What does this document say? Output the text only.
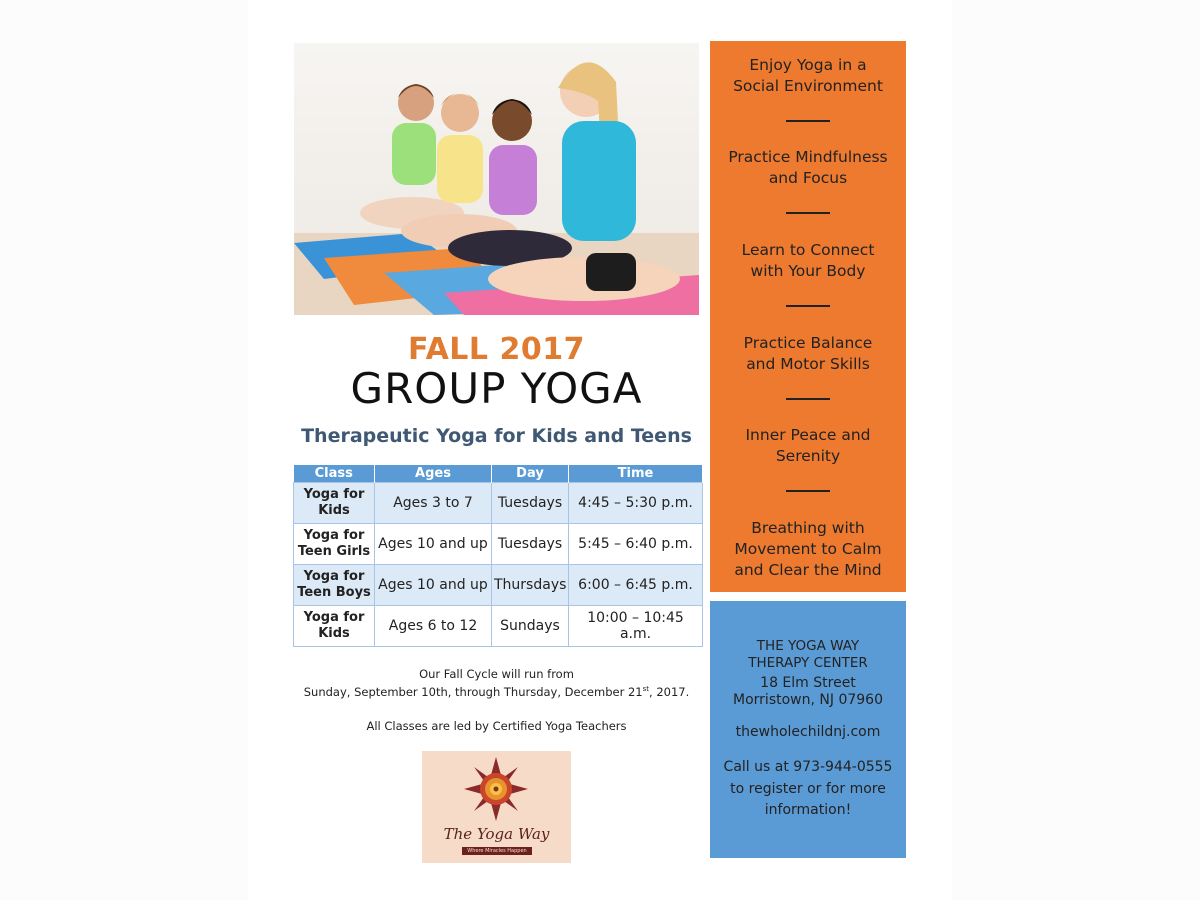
FALL 2017
GROUP YOGA
Therapeutic Yoga for Kids and Teens
Class	Ages	Day	Time
Yoga for Kids	Ages 3 to 7	Tuesdays	4:45 – 5:30 p.m.
Yoga for Teen Girls	Ages 10 and up	Tuesdays	5:45 – 6:40 p.m.
Yoga for Teen Boys	Ages 10 and up	Thursdays	6:00 – 6:45 p.m.
Yoga for Kids	Ages 6 to 12	Sundays	10:00 – 10:45 a.m.
Our Fall Cycle will run from
Sunday, September 10th, through Thursday, December 21st, 2017.
All Classes are led by Certified Yoga Teachers
The Yoga Way
Where Miracles Happen
Enjoy Yoga in a
Social Environment
Practice Mindfulness
and Focus
Learn to Connect
with Your Body
Practice Balance
and Motor Skills
Inner Peace and
Serenity
Breathing with
Movement to Calm
and Clear the Mind
THE YOGA WAY
THERAPY CENTER
18 Elm Street
Morristown, NJ 07960
thewholechildnj.com
Call us at 973-944-0555
to register or for more
information!
